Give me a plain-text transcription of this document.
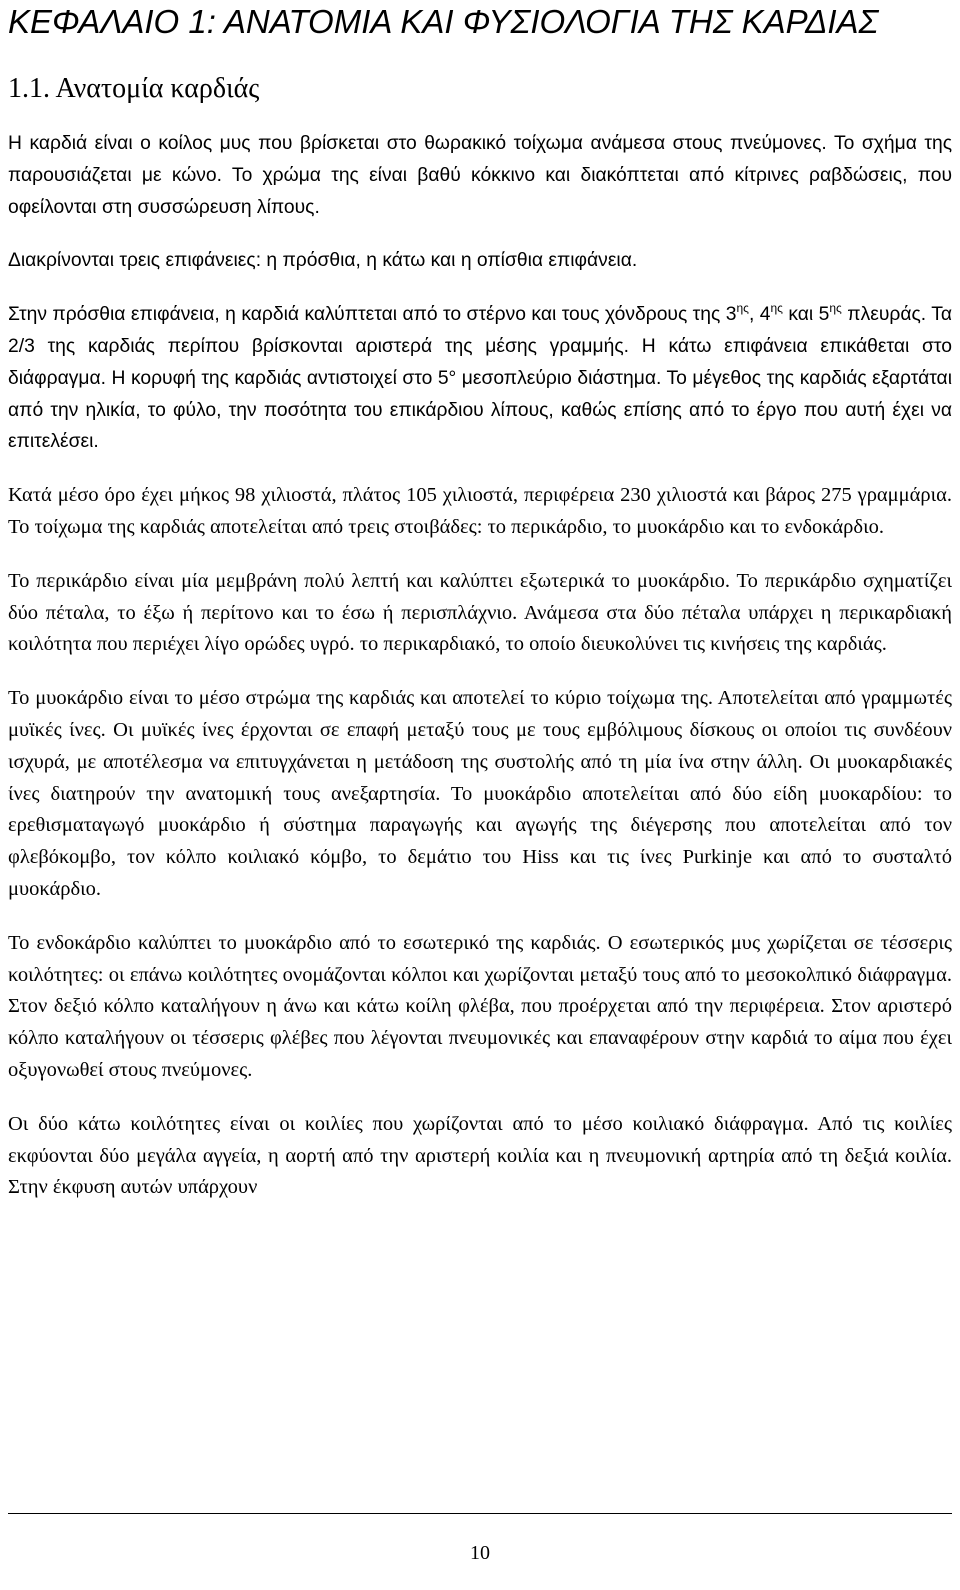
ΚΕΦΑΛΑΙΟ 1: ΑΝΑΤΟΜΙΑ ΚΑΙ ΦΥΣΙΟΛΟΓΙΑ ΤΗΣ ΚΑΡΔΙΑΣ
1.1. Ανατομία καρδιάς

Η καρδιά είναι ο κοίλος μυς που βρίσκεται στο θωρακικό τοίχωμα ανάμεσα στους πνεύμονες. Το σχήμα της παρουσιάζεται με κώνο. Το χρώμα της είναι βαθύ κόκκινο και διακόπτεται από κίτρινες ραβδώσεις, που οφείλονται στη συσσώρευση λίπους.

Διακρίνονται τρεις επιφάνειες: η πρόσθια, η κάτω και η οπίσθια επιφάνεια.

Στην πρόσθια επιφάνεια, η καρδιά καλύπτεται από το στέρνο και τους χόνδρους της $3^{\eta\varsigma}$, $4^{\eta\varsigma}$ και $5^{\eta\varsigma}$ πλευράς. Τα 2/3 της καρδιάς περίπου βρίσκονται αριστερά της μέσης γραμμής. Η κάτω επιφάνεια επικάθεται στο διάφραγμα. Η κορυφή της καρδιάς αντιστοιχεί στο 5° μεσοπλεύριο διάστημα. Το μέγεθος της καρδιάς εξαρτάται από την ηλικία, το φύλο, την ποσότητα του επικάρδιου λίπους, καθώς επίσης από το έργο που αυτή έχει να επιτελέσει.

Κατά μέσο όρο έχει μήκος 98 χιλιοστά, πλάτος 105 χιλιοστά, περιφέρεια 230 χιλιοστά και βάρος 275 γραμμάρια. Το τοίχωμα της καρδιάς αποτελείται από τρεις στοιβάδες: το περικάρδιο, το μυοκάρδιο και το ενδοκάρδιο.

Το περικάρδιο είναι μία μεμβράνη πολύ λεπτή και καλύπτει εξωτερικά το μυοκάρδιο. Το περικάρδιο σχηματίζει δύο πέταλα, το έξω ή περίτονο και το έσω ή περισπλάχνιο. Ανάμεσα στα δύο πέταλα υπάρχει η περικαρδιακή κοιλότητα που περιέχει λίγο ορώδες υγρό. το περικαρδιακό, το οποίο διευκολύνει τις κινήσεις της καρδιάς.

Το μυοκάρδιο είναι το μέσο στρώμα της καρδιάς και αποτελεί το κύριο τοίχωμα της. Αποτελείται από γραμμωτές μυϊκές ίνες. Οι μυϊκές ίνες έρχονται σε επαφή μεταξύ τους με τους εμβόλιμους δίσκους οι οποίοι τις συνδέουν ισχυρά, με αποτέλεσμα να επιτυγχάνεται η μετάδοση της συστολής από τη μία ίνα στην άλλη. Οι μυοκαρδιακές ίνες διατηρούν την ανατομική τους ανεξαρτησία. Το μυοκάρδιο αποτελείται από δύο είδη μυοκαρδίου: το ερεθισματαγωγό μυοκάρδιο ή σύστημα παραγωγής και αγωγής της διέγερσης που αποτελείται από τον φλεβόκομβο, τον κόλπο κοιλιακό κόμβο, το δεμάτιο του Hiss και τις ίνες Purkinje και από το συσταλτό μυοκάρδιο.

Το ενδοκάρδιο καλύπτει το μυοκάρδιο από το εσωτερικό της καρδιάς. Ο εσωτερικός μυς χωρίζεται σε τέσσερις κοιλότητες: οι επάνω κοιλότητες ονομάζονται κόλποι και χωρίζονται μεταξύ τους από το μεσοκολπικό διάφραγμα. Στον δεξιό κόλπο καταλήγουν η άνω και κάτω κοίλη φλέβα, που προέρχεται από την περιφέρεια. Στον αριστερό κόλπο καταλήγουν οι τέσσερις φλέβες που λέγονται πνευμονικές και επαναφέρουν στην καρδιά το αίμα που έχει οξυγονωθεί στους πνεύμονες.

Οι δύο κάτω κοιλότητες είναι οι κοιλίες που χωρίζονται από το μέσο κοιλιακό διάφραγμα. Από τις κοιλίες εκφύονται δύο μεγάλα αγγεία, η αορτή από την αριστερή κοιλία και η πνευμονική αρτηρία από τη δεξιά κοιλία. Στην έκφυση αυτών υπάρχουν

10
